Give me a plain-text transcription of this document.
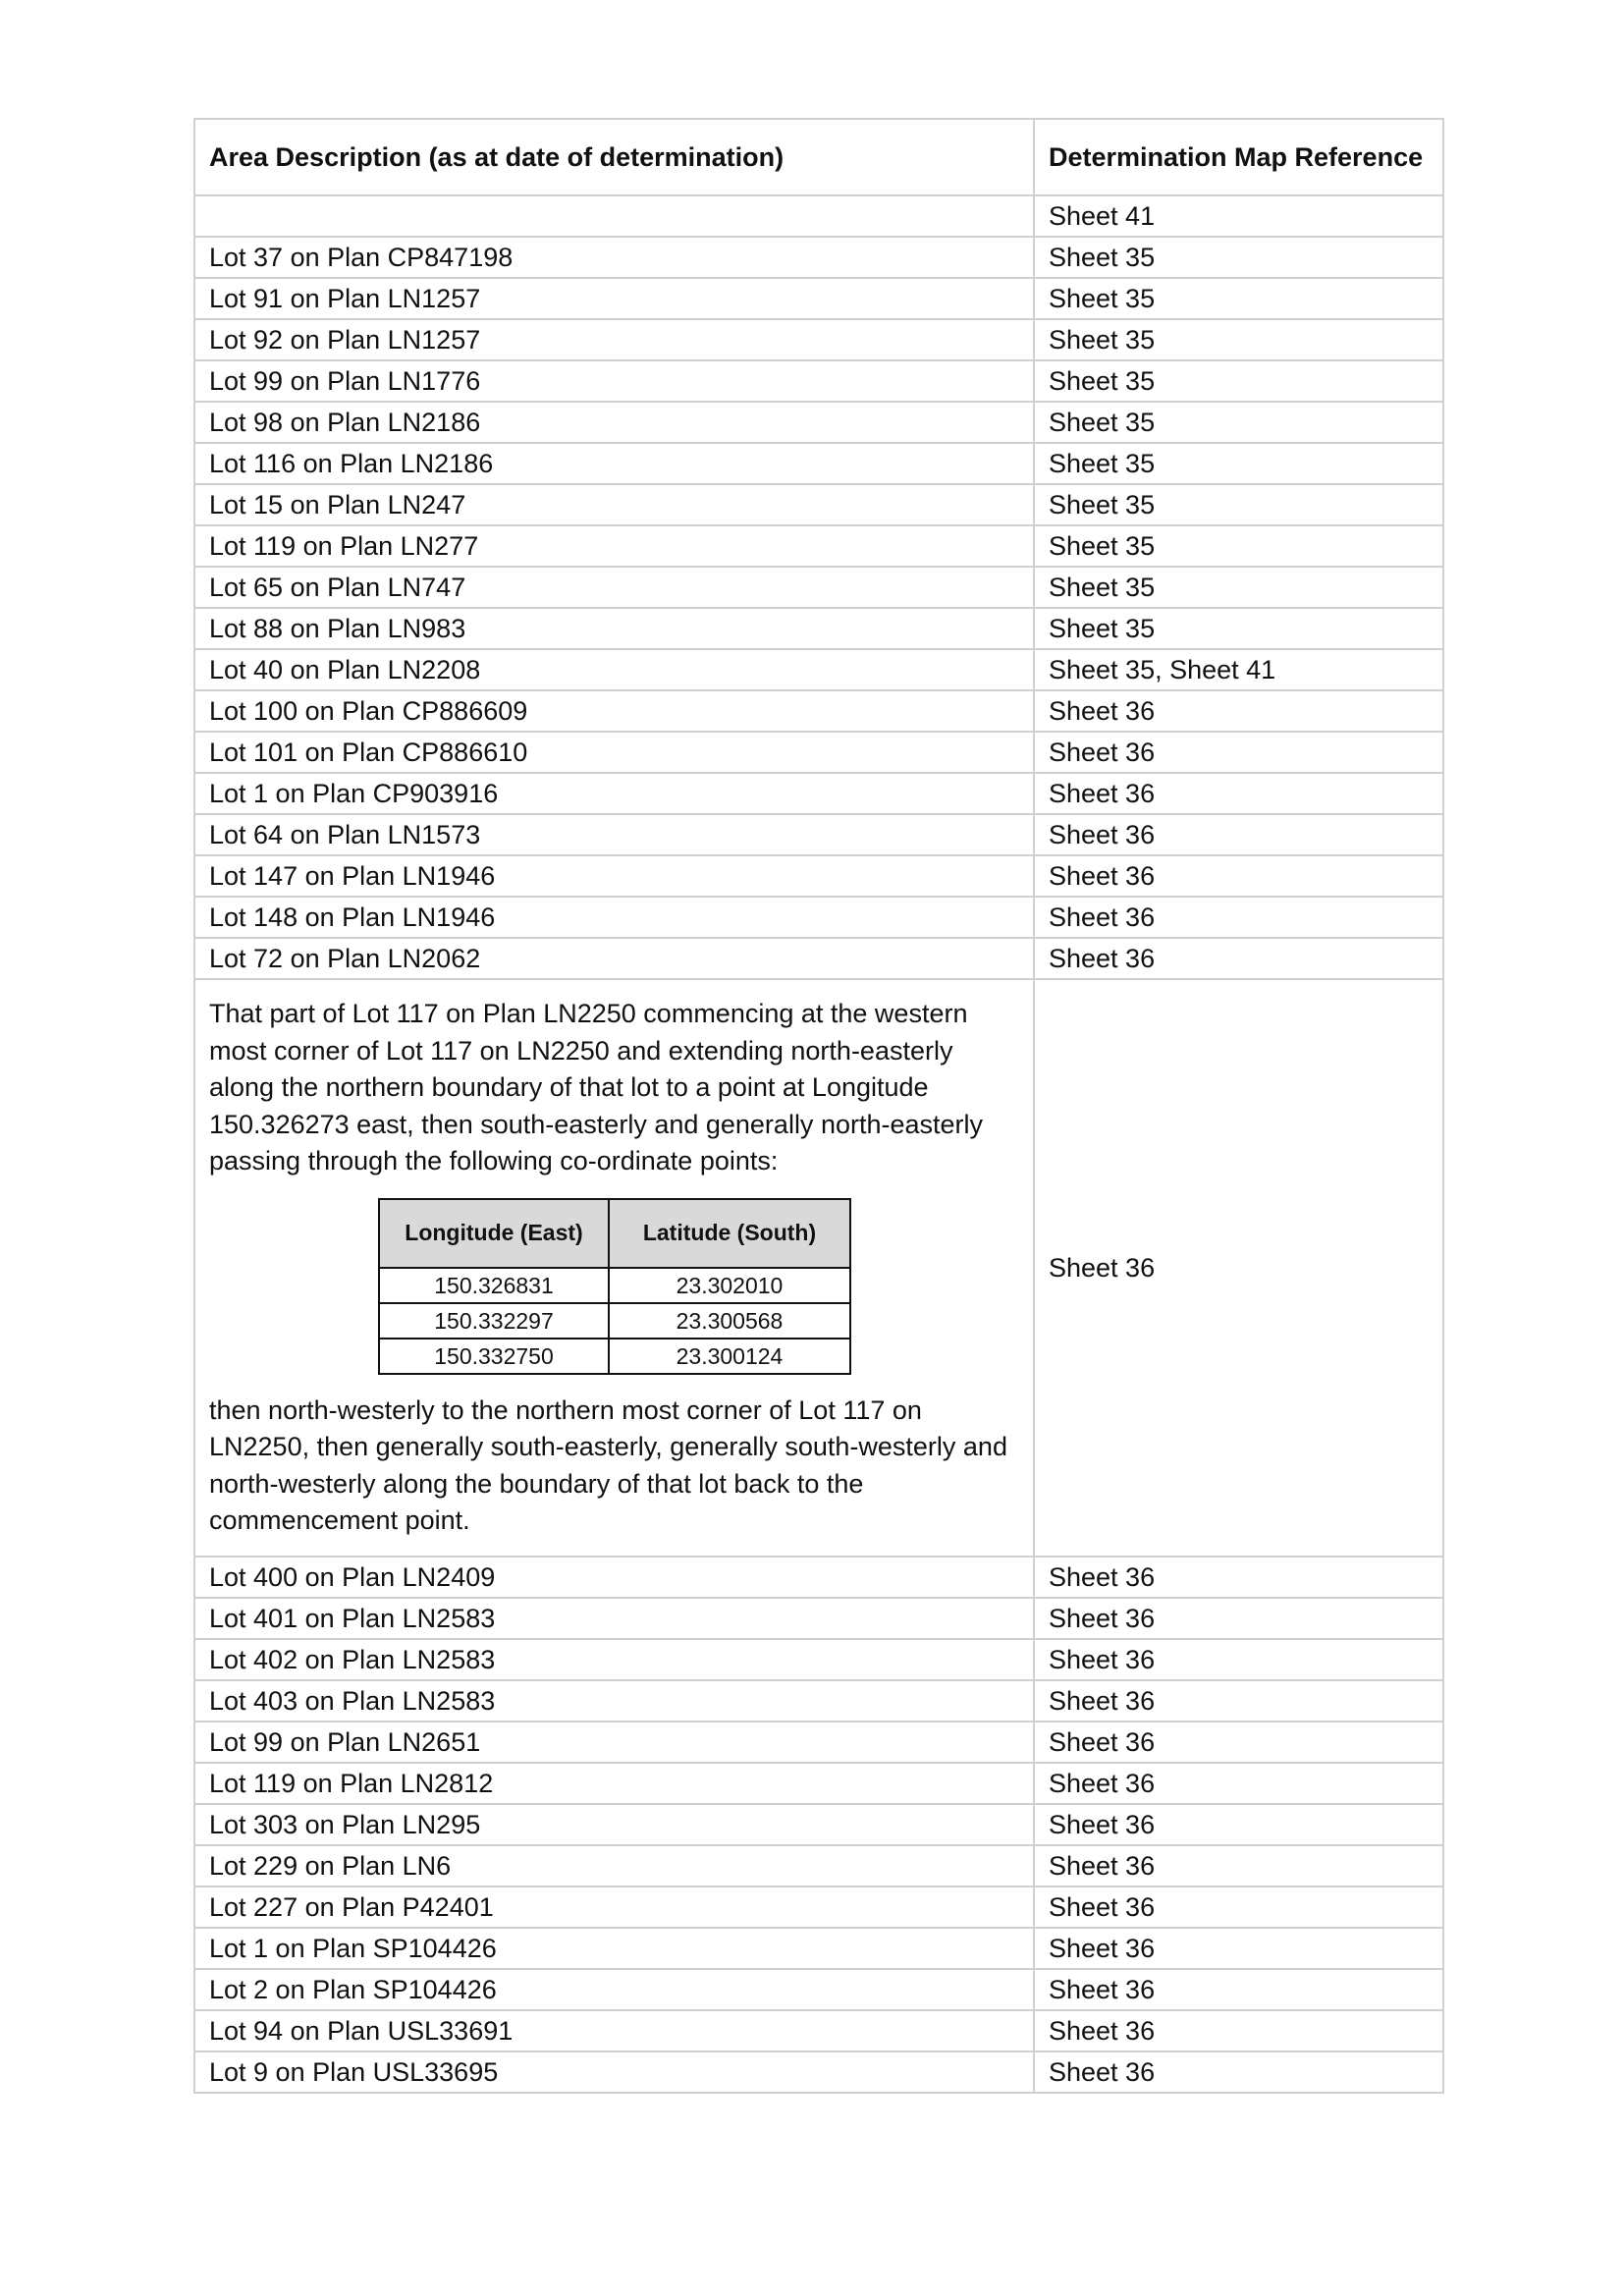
Area Description (as at date of determination)	Determination Map Reference
	Sheet 41
Lot 37 on Plan CP847198	Sheet 35
Lot 91 on Plan LN1257	Sheet 35
Lot 92 on Plan LN1257	Sheet 35
Lot 99 on Plan LN1776	Sheet 35
Lot 98 on Plan LN2186	Sheet 35
Lot 116 on Plan LN2186	Sheet 35
Lot 15 on Plan LN247	Sheet 35
Lot 119 on Plan LN277	Sheet 35
Lot 65 on Plan LN747	Sheet 35
Lot 88 on Plan LN983	Sheet 35
Lot 40 on Plan LN2208	Sheet 35, Sheet 41
Lot 100 on Plan CP886609	Sheet 36
Lot 101 on Plan CP886610	Sheet 36
Lot 1 on Plan CP903916	Sheet 36
Lot 64 on Plan LN1573	Sheet 36
Lot 147 on Plan LN1946	Sheet 36
Lot 148 on Plan LN1946	Sheet 36
Lot 72 on Plan LN2062	Sheet 36

That part of Lot 117 on Plan LN2250 commencing at the western most corner of Lot 117 on LN2250 and extending north-easterly along the northern boundary of that lot to a point at Longitude 150.326273 east, then south-easterly and generally north-easterly passing through the following co-ordinate points:

Longitude (East)	Latitude (South)
150.326831	23.302010
150.332297	23.300568
150.332750	23.300124

then north-westerly to the northern most corner of Lot 117 on LN2250, then generally south-easterly, generally south-westerly and north-westerly along the boundary of that lot back to the commencement point.

	Sheet 36
Lot 400 on Plan LN2409	Sheet 36
Lot 401 on Plan LN2583	Sheet 36
Lot 402 on Plan LN2583	Sheet 36
Lot 403 on Plan LN2583	Sheet 36
Lot 99 on Plan LN2651	Sheet 36
Lot 119 on Plan LN2812	Sheet 36
Lot 303 on Plan LN295	Sheet 36
Lot 229 on Plan LN6	Sheet 36
Lot 227 on Plan P42401	Sheet 36
Lot 1 on Plan SP104426	Sheet 36
Lot 2 on Plan SP104426	Sheet 36
Lot 94 on Plan USL33691	Sheet 36
Lot 9 on Plan USL33695	Sheet 36
